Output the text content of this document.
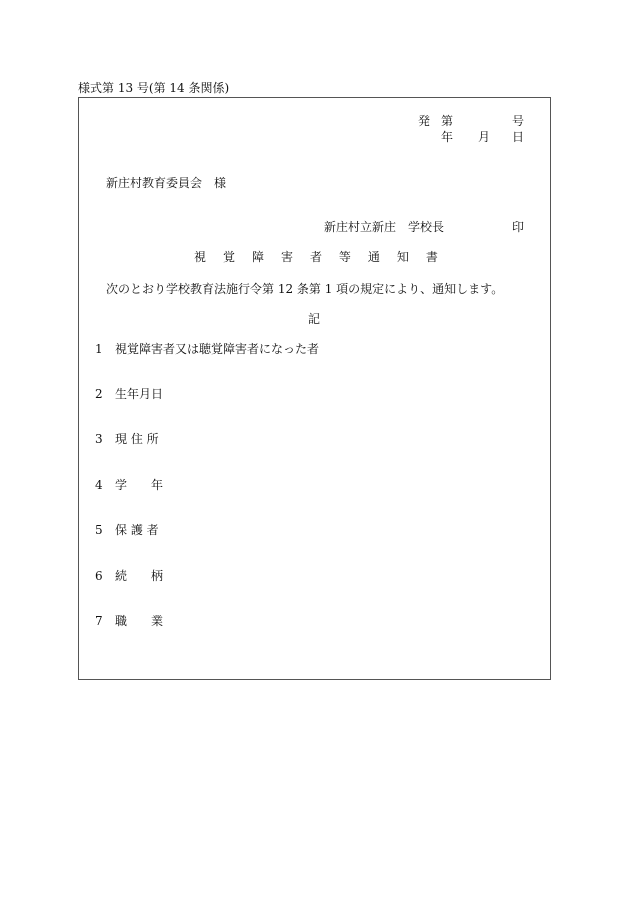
様式第 13 号(第 14 条関係)
発 第	号
年 月 日
新庄村教育委員会　様
新庄村立新庄　学校長	印
視 覚 障 害 者 等 通 知 書
次のとおり学校教育法施行令第 12 条第 1 項の規定により、通知します。
記
1 視覚障害者又は聴覚障害者になった者
2 生年月日
3 現 住 所
4 学　　年
5 保 護 者
6 続　　柄
7 職　　業
